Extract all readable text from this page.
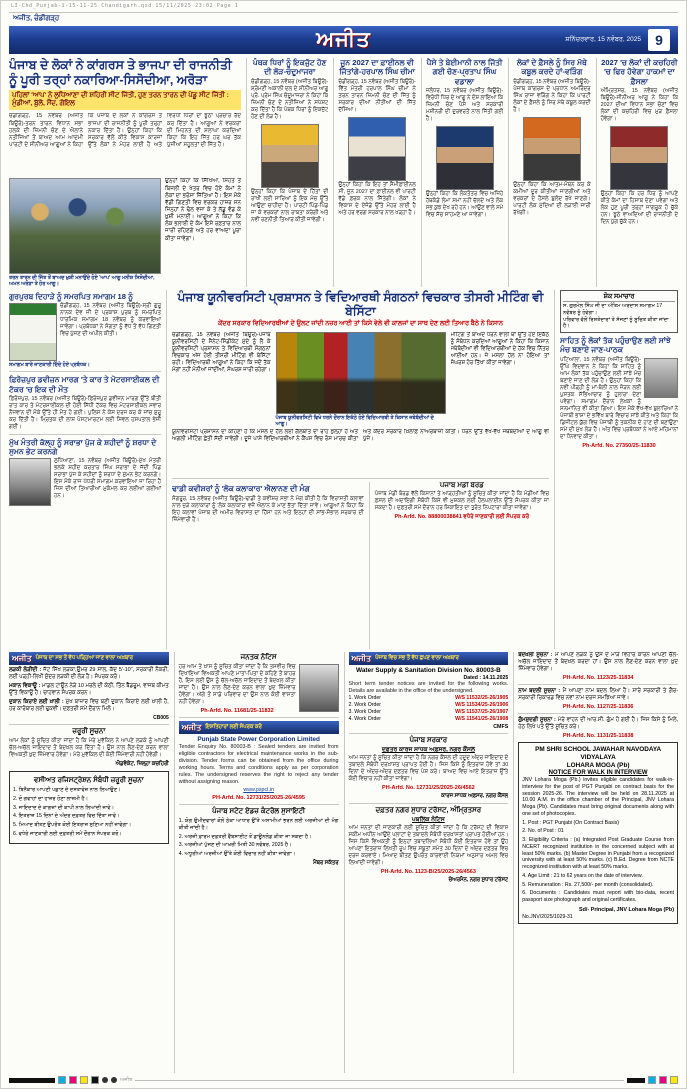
LI-Chd_Punjab-1-15-11-25 Chandigarh.qxd 15/11/2025 23:02 Page 1
ਅਜੀਤ, ਚੰਡੀਗੜ੍ਹ
ਅਜੀਤ	ਸ਼ਨਿੱਚਰਵਾਰ, 15 ਨਵੰਬਰ, 2025 9
ਪੰਜਾਬ ਦੇ ਲੋਕਾਂ ਨੇ ਕਾਂਗਰਸ ਤੇ ਭਾਜਪਾ ਦੀ ਰਾਜਨੀਤੀ ਨੂੰ ਪੂਰੀ ਤਰ੍ਹਾਂ ਨਕਾਰਿਆ-ਸਿਸੋਦੀਆ, ਅਰੋੜਾ
ਪਹਿਲਾਂ 'ਆਪ' ਨੇ ਲੁਧਿਆਣਾ ਦੀ ਸ਼ਹਿਰੀ ਸੀਟ ਜਿੱਤੀ, ਹੁਣ ਤਰਨ ਤਾਰਨ ਦੀ ਪੇਂਡੂ ਸੀਟ ਜਿੱਤੀ : ਮੁੰਡੀਆਂ, ਬੁੱਲੋ, ਸੌਂਦ, ਗੋਇਲ
ਚੰਡੀਗੜ੍ਹ, 15 ਨਵੰਬਰ (ਅਜੀਤ ਬਿਊਰੋ)-ਤਰਨ ਤਾਰਨ ਵਿਧਾਨ ਸਭਾ ਹਲਕੇ ਦੀ ਜ਼ਿਮਨੀ ਚੋਣ ਦੇ ਐਲਾਨੇ ਨਤੀਜਿਆਂ ਤੋਂ ਬਾਅਦ ਆਮ ਆਦਮੀ ਪਾਰਟੀ ਦੇ ਸੀਨੀਅਰ ਆਗੂਆਂ ਨੇ ਕਿਹਾ ਕਿ ਪੰਜਾਬ ਦੇ ਲੋਕਾਂ ਨੇ ਕਾਂਗਰਸ ਤੇ ਭਾਜਪਾ ਦੀ ਰਾਜਨੀਤੀ ਨੂੰ ਪੂਰੀ ਤਰ੍ਹਾਂ ਨਕਾਰ ਦਿੱਤਾ ਹੈ। ਉਨ੍ਹਾਂ ਕਿਹਾ ਕਿ ਸਰਕਾਰ ਵੱਲੋਂ ਕੀਤੇ ਵਿਕਾਸ ਕਾਰਜਾਂ ਉੱਤੇ ਲੋਕਾਂ ਨੇ ਮੋਹਰ ਲਾਈ ਹੈ ਅਤੇ ਵਿਰੋਧੀ ਧਿਰਾਂ ਦਾ ਝੂਠਾ ਪ੍ਰਚਾਰ ਰੱਦ ਕਰ ਦਿੱਤਾ ਹੈ। ਆਗੂਆਂ ਨੇ ਵਰਕਰਾਂ ਦੀ ਮਿਹਨਤ ਦੀ ਸ਼ਲਾਘਾ ਕਰਦਿਆਂ ਕਿਹਾ ਕਿ ਇਹ ਜਿੱਤ ਹਰ ਘਰ ਤੱਕ ਪੁੱਜੀਆਂ ਸਹੂਲਤਾਂ ਦੀ ਜਿੱਤ ਹੈ।
ਤਰਨ ਤਾਰਨ ਦੀ ਜਿੱਤ ਤੋਂ ਬਾਅਦ ਖ਼ੁਸ਼ੀ ਮਨਾਉਂਦੇ ਹੋਏ 'ਆਪ' ਆਗੂ ਮਨੀਸ਼ ਸਿਸੋਦੀਆ, ਅਮਨ ਅਰੋੜਾ ਤੇ ਹੋਰ ਆਗੂ।
ਉਨ੍ਹਾਂ ਕਿਹਾ ਕਿ ਸਿੱਖਿਆ, ਸਿਹਤ ਤੇ ਬਿਜਲੀ ਦੇ ਖੇਤਰ ਵਿਚ ਹੋਏ ਕੰਮਾਂ ਨੇ ਲੋਕਾਂ ਦਾ ਭਰੋਸਾ ਜਿੱਤਿਆ ਹੈ। ਇਸ ਮੌਕੇ ਵੱਡੀ ਗਿਣਤੀ ਵਿਚ ਵਰਕਰ ਹਾਜ਼ਰ ਸਨ ਜਿਨ੍ਹਾਂ ਨੇ ਢੋਲ ਵਜਾ ਕੇ ਤੇ ਲੱਡੂ ਵੰਡ ਕੇ ਖ਼ੁਸ਼ੀ ਮਨਾਈ। ਆਗੂਆਂ ਨੇ ਕਿਹਾ ਕਿ ਲੋਕ ਭਲਾਈ ਦੇ ਕੰਮ ਇਸੇ ਰਫ਼ਤਾਰ ਨਾਲ ਜਾਰੀ ਰਹਿਣਗੇ ਅਤੇ ਹਰ ਵਾਅਦਾ ਪੂਰਾ ਕੀਤਾ ਜਾਵੇਗਾ।
ਪੰਥਕ ਧਿਰਾਂ ਨੂੰ ਇਕਜੁੱਟ ਹੋਣ ਦੀ ਲੋੜ-ਚੰਦੂਮਾਜਰਾ
ਚੰਡੀਗੜ੍ਹ, 15 ਨਵੰਬਰ (ਅਜੀਤ ਬਿਊਰੋ)-ਸ਼੍ਰੋਮਣੀ ਅਕਾਲੀ ਦਲ ਦੇ ਸੀਨੀਅਰ ਆਗੂ ਪ੍ਰੋ. ਪ੍ਰੇਮ ਸਿੰਘ ਚੰਦੂਮਾਜਰਾ ਨੇ ਕਿਹਾ ਕਿ ਜ਼ਿਮਨੀ ਚੋਣ ਦੇ ਨਤੀਜਿਆਂ ਨੇ ਸਪੱਸ਼ਟ ਕਰ ਦਿੱਤਾ ਹੈ ਕਿ ਪੰਥਕ ਧਿਰਾਂ ਨੂੰ ਇਕਜੁੱਟ ਹੋਣ ਦੀ ਲੋੜ ਹੈ।
ਉਨ੍ਹਾਂ ਕਿਹਾ ਕਿ ਪੰਜਾਬ ਦੇ ਹਿੱਤਾਂ ਦੀ ਰਾਖੀ ਲਈ ਸਾਰਿਆਂ ਨੂੰ ਇਕ ਮੰਚ ਉੱਤੇ ਆਉਣਾ ਚਾਹੀਦਾ ਹੈ। ਪਾਰਟੀ ਪਿੰਡ-ਪਿੰਡ ਜਾ ਕੇ ਵਰਕਰਾਂ ਨਾਲ ਰਾਬਤਾ ਕਰੇਗੀ ਅਤੇ ਨਵੀਂ ਰਣਨੀਤੀ ਤਿਆਰ ਕੀਤੀ ਜਾਵੇਗੀ।
ਜੂਨ 2027 ਦਾ ਫ਼ਾਈਨਲ ਵੀ ਜਿੱਤਾਂਗੇ-ਹਰਪਾਲ ਸਿੰਘ ਚੀਮਾ
ਚੰਡੀਗੜ੍ਹ, 15 ਨਵੰਬਰ (ਅਜੀਤ ਬਿਊਰੋ)-ਵਿੱਤ ਮੰਤਰੀ ਹਰਪਾਲ ਸਿੰਘ ਚੀਮਾ ਨੇ ਤਰਨ ਤਾਰਨ ਜ਼ਿਮਨੀ ਚੋਣ ਦੀ ਜਿੱਤ ਨੂੰ ਸਰਕਾਰ ਦੀਆਂ ਨੀਤੀਆਂ ਦੀ ਜਿੱਤ ਦੱਸਿਆ।
ਉਨ੍ਹਾਂ ਕਿਹਾ ਕਿ ਇਹ ਤਾਂ ਸੈਮੀਫ਼ਾਈਨਲ ਸੀ, ਜੂਨ 2027 ਦਾ ਫ਼ਾਈਨਲ ਵੀ ਪਾਰਟੀ ਵੱਡੇ ਫ਼ਰਕ ਨਾਲ ਜਿੱਤੇਗੀ। ਲੋਕਾਂ ਨੇ ਵਿਕਾਸ ਦੇ ਏਜੰਡੇ ਉੱਤੇ ਮੋਹਰ ਲਾਈ ਹੈ ਅਤੇ ਹਰ ਵਰਗ ਸਰਕਾਰ ਨਾਲ ਖੜ੍ਹਾ ਹੈ।
ਪੈਸੇ ਤੇ ਬੇਈਮਾਨੀ ਨਾਲ ਜਿੱਤੀ ਗਈ ਚੋਣ-ਪ੍ਰਤਾਪ ਸਿੰਘ ਵਡਾਲਾ
ਜਲੰਧਰ, 15 ਨਵੰਬਰ (ਅਜੀਤ ਬਿਊਰੋ)-ਵਿਰੋਧੀ ਧਿਰ ਦੇ ਆਗੂ ਨੇ ਦੋਸ਼ ਲਾਇਆ ਕਿ ਜ਼ਿਮਨੀ ਚੋਣ ਪੈਸੇ ਅਤੇ ਸਰਕਾਰੀ ਮਸ਼ੀਨਰੀ ਦੀ ਦੁਰਵਰਤੋਂ ਨਾਲ ਜਿੱਤੀ ਗਈ ਹੈ।
ਉਨ੍ਹਾਂ ਕਿਹਾ ਕਿ ਲੋਕਤੰਤਰ ਵਿਚ ਅਜਿਹੇ ਹੱਥਕੰਡੇ ਲੰਮਾ ਸਮਾਂ ਨਹੀਂ ਚੱਲਦੇ ਅਤੇ ਲੋਕ ਸਭ ਕੁਝ ਦੇਖ ਰਹੇ ਹਨ। ਆਉਣ ਵਾਲੇ ਸਮੇਂ ਵਿਚ ਸੱਚ ਸਾਹਮਣੇ ਆ ਜਾਵੇਗਾ।
ਲੋਕਾਂ ਦੇ ਫ਼ੈਸਲੇ ਨੂੰ ਸਿਰ ਮੱਥੇ ਕਬੂਲ ਕਰਦੇ ਹਾਂ-ਵੜਿੰਗ
ਚੰਡੀਗੜ੍ਹ, 15 ਨਵੰਬਰ (ਅਜੀਤ ਬਿਊਰੋ)-ਪੰਜਾਬ ਕਾਂਗਰਸ ਦੇ ਪ੍ਰਧਾਨ ਅਮਰਿੰਦਰ ਸਿੰਘ ਰਾਜਾ ਵੜਿੰਗ ਨੇ ਕਿਹਾ ਕਿ ਪਾਰਟੀ ਲੋਕਾਂ ਦੇ ਫ਼ੈਸਲੇ ਨੂੰ ਸਿਰ ਮੱਥੇ ਕਬੂਲ ਕਰਦੀ ਹੈ।
ਉਨ੍ਹਾਂ ਕਿਹਾ ਕਿ ਆਤਮ-ਮੰਥਨ ਕਰ ਕੇ ਕਮੀਆਂ ਦੂਰ ਕੀਤੀਆਂ ਜਾਣਗੀਆਂ ਅਤੇ ਵਰਕਰਾਂ ਦੇ ਹੌਸਲੇ ਬੁਲੰਦ ਰੱਖੇ ਜਾਣਗੇ। ਪਾਰਟੀ ਲੋਕ ਮੁੱਦਿਆਂ ਦੀ ਲੜਾਈ ਜਾਰੀ ਰੱਖੇਗੀ।
2027 'ਚ ਲੋਕਾਂ ਦੀ ਕਚਹਿਰੀ 'ਚ ਫਿਰ ਹੋਵੇਗਾ ਹਾਕਮਾਂ ਦਾ ਫ਼ੈਸਲਾ
ਅੰਮ੍ਰਿਤਸਰ, 15 ਨਵੰਬਰ (ਅਜੀਤ ਬਿਊਰੋ)-ਸੀਨੀਅਰ ਆਗੂ ਨੇ ਕਿਹਾ ਕਿ 2027 ਦੀਆਂ ਵਿਧਾਨ ਸਭਾ ਚੋਣਾਂ ਵਿਚ ਲੋਕਾਂ ਦੀ ਕਚਹਿਰੀ ਵਿਚ ਮੁੜ ਫ਼ੈਸਲਾ ਹੋਵੇਗਾ।
ਉਨ੍ਹਾਂ ਕਿਹਾ ਕਿ ਹਰ ਧਿਰ ਨੂੰ ਆਪਣੇ ਕੀਤੇ ਕੰਮਾਂ ਦਾ ਹਿਸਾਬ ਦੇਣਾ ਪਵੇਗਾ ਅਤੇ ਲੋਕ ਹੁਣ ਪੂਰੀ ਤਰ੍ਹਾਂ ਜਾਗਰੂਕ ਹੋ ਚੁੱਕੇ ਹਨ। ਝੂਠੇ ਵਾਅਦਿਆਂ ਦੀ ਰਾਜਨੀਤੀ ਦੇ ਦਿਨ ਪੁੱਗ ਚੁੱਕੇ ਹਨ।
ਗੁਰਪੁਰਬ ਦਿਹਾੜੇ ਨੂੰ ਸਮਰਪਿਤ ਸਮਾਗਮ 18 ਨੂੰ
ਚੰਡੀਗੜ੍ਹ, 15 ਨਵੰਬਰ (ਅਜੀਤ ਬਿਊਰੋ)-ਸ੍ਰੀ ਗੁਰੂ ਨਾਨਕ ਦੇਵ ਜੀ ਦੇ ਪ੍ਰਕਾਸ਼ ਪੁਰਬ ਨੂੰ ਸਮਰਪਿਤ ਧਾਰਮਿਕ ਸਮਾਗਮ 18 ਨਵੰਬਰ ਨੂੰ ਕਰਵਾਇਆ ਜਾਵੇਗਾ। ਪ੍ਰਬੰਧਕਾਂ ਨੇ ਸੰਗਤਾਂ ਨੂੰ ਵੱਧ ਤੋਂ ਵੱਧ ਗਿਣਤੀ ਵਿਚ ਪੁੱਜਣ ਦੀ ਅਪੀਲ ਕੀਤੀ।
ਸਮਾਗਮ ਬਾਰੇ ਜਾਣਕਾਰੀ ਦਿੰਦੇ ਹੋਏ ਪ੍ਰਬੰਧਕ।
ਫ਼ਿਰੋਜ਼ਪੁਰ ਡਵੀਜ਼ਨ ਮਾਰਗ 'ਤੇ ਕਾਰ ਤੇ ਮੋਟਰਸਾਈਕਲ ਦੀ ਟੱਕਰ 'ਚ ਇਕ ਦੀ ਮੌਤ
ਫ਼ਿਰੋਜ਼ਪੁਰ, 15 ਨਵੰਬਰ (ਅਜੀਤ ਬਿਊਰੋ)-ਫ਼ਿਰੋਜ਼ਪੁਰ ਡਵੀਜ਼ਨ ਮਾਰਗ ਉੱਤੇ ਬੀਤੀ ਰਾਤ ਕਾਰ ਤੇ ਮੋਟਰਸਾਈਕਲ ਦੀ ਹੋਈ ਸਿੱਧੀ ਟੱਕਰ ਵਿਚ ਮੋਟਰਸਾਈਕਲ ਸਵਾਰ ਨੌਜਵਾਨ ਦੀ ਮੌਕੇ ਉੱਤੇ ਹੀ ਮੌਤ ਹੋ ਗਈ। ਪੁਲਿਸ ਨੇ ਕੇਸ ਦਰਜ ਕਰ ਕੇ ਜਾਂਚ ਸ਼ੁਰੂ ਕਰ ਦਿੱਤੀ ਹੈ। ਮ੍ਰਿਤਕ ਦੀ ਲਾਸ਼ ਪੋਸਟਮਾਰਟਮ ਲਈ ਸਿਵਲ ਹਸਪਤਾਲ ਭੇਜੀ ਗਈ।
ਮੁੱਖ ਮੰਤਰੀ ਕੱਲ੍ਹ ਨੂੰ ਸਰਾਭਾ ਪੁੱਜ ਕੇ ਸ਼ਹੀਦਾਂ ਨੂੰ ਸ਼ਰਧਾ ਦੇ ਸੁਮਨ ਭੇਟ ਕਰਨਗੇ
ਲੁਧਿਆਣਾ, 15 ਨਵੰਬਰ (ਅਜੀਤ ਬਿਊਰੋ)-ਮੁੱਖ ਮੰਤਰੀ ਭਲਕੇ ਸ਼ਹੀਦ ਕਰਤਾਰ ਸਿੰਘ ਸਰਾਭਾ ਦੇ ਜੱਦੀ ਪਿੰਡ ਸਰਾਭਾ ਪੁੱਜ ਕੇ ਸ਼ਹੀਦਾਂ ਨੂੰ ਸ਼ਰਧਾ ਦੇ ਸੁਮਨ ਭੇਟ ਕਰਨਗੇ। ਇਸ ਮੌਕੇ ਰਾਜ ਪੱਧਰੀ ਸਮਾਗਮ ਕਰਵਾਇਆ ਜਾ ਰਿਹਾ ਹੈ ਜਿਸ ਦੀਆਂ ਤਿਆਰੀਆਂ ਮੁਕੰਮਲ ਕਰ ਲਈਆਂ ਗਈਆਂ ਹਨ।
ਪੰਜਾਬ ਯੂਨੀਵਰਸਿਟੀ ਪ੍ਰਸ਼ਾਸਨ ਤੇ ਵਿਦਿਆਰਥੀ ਸੰਗਠਨਾਂ ਵਿਚਕਾਰ ਤੀਸਰੀ ਮੀਟਿੰਗ ਵੀ ਬੇਸਿੱਟਾ
ਕੇਂਦਰ ਸਰਕਾਰ ਵਿਦਿਆਰਥੀਆਂ ਦੇ ਉਲਟ ਜਾਂਦੀ ਨਜ਼ਰ ਆਈ ਤਾਂ ਕਿਸੇ ਵੇਲੇ ਵੀ ਕਾਲਜਾਂ ਦਾ ਸਾਥ ਦੇਣ ਲਈ ਤਿਆਰ ਬੈਠੇ ਨੇ ਕਿਸਾਨ
ਚੰਡੀਗੜ੍ਹ, 15 ਨਵੰਬਰ (ਅਜੀਤ ਬਿਊਰੋ)-ਪੰਜਾਬ ਯੂਨੀਵਰਸਿਟੀ ਦੇ ਸੈਨੇਟ-ਸਿੰਡੀਕੇਟ ਮੁੱਦੇ ਨੂੰ ਲੈ ਕੇ ਯੂਨੀਵਰਸਿਟੀ ਪ੍ਰਸ਼ਾਸਨ ਤੇ ਵਿਦਿਆਰਥੀ ਸੰਗਠਨਾਂ ਵਿਚਕਾਰ ਅੱਜ ਹੋਈ ਤੀਸਰੀ ਮੀਟਿੰਗ ਵੀ ਬੇਸਿੱਟਾ ਰਹੀ। ਵਿਦਿਆਰਥੀ ਆਗੂਆਂ ਨੇ ਕਿਹਾ ਕਿ ਜਦੋਂ ਤੱਕ ਮੰਗਾਂ ਨਹੀਂ ਮੰਨੀਆਂ ਜਾਂਦੀਆਂ, ਸੰਘਰਸ਼ ਜਾਰੀ ਰਹੇਗਾ।
ਪੰਜਾਬ ਯੂਨੀਵਰਸਿਟੀ ਵਿਖੇ ਧਰਨੇ ਦੌਰਾਨ ਇਕੱਠੇ ਹੋਏ ਵਿਦਿਆਰਥੀ ਤੇ ਕਿਸਾਨ ਜਥੇਬੰਦੀਆਂ ਦੇ ਆਗੂ।
ਮੀਟਿੰਗ ਤੋਂ ਬਾਅਦ ਧਰਨੇ ਵਾਲੀ ਥਾਂ ਉੱਤੇ ਹੋਏ ਇਕੱਠ ਨੂੰ ਸੰਬੋਧਨ ਕਰਦਿਆਂ ਆਗੂਆਂ ਨੇ ਕਿਹਾ ਕਿ ਕਿਸਾਨ ਜਥੇਬੰਦੀਆਂ ਵੀ ਵਿਦਿਆਰਥੀਆਂ ਦੇ ਹੱਕ ਵਿਚ ਨਿੱਤਰ ਆਈਆਂ ਹਨ। ਜੇ ਮਸਲਾ ਹੱਲ ਨਾ ਹੋਇਆ ਤਾਂ ਸੰਘਰਸ਼ ਹੋਰ ਤਿੱਖਾ ਕੀਤਾ ਜਾਵੇਗਾ।
ਯੂਨੀਵਰਸਿਟੀ ਪ੍ਰਸ਼ਾਸਨ ਦਾ ਕਹਿਣਾ ਹੈ ਕਿ ਮਸਲੇ ਦੇ ਹੱਲ ਲਈ ਗੱਲਬਾਤ ਦਾ ਰਾਹ ਖੁੱਲ੍ਹਾ ਹੈ ਅਤੇ ਅਗਲੀ ਮੀਟਿੰਗ ਛੇਤੀ ਸੱਦੀ ਜਾਵੇਗੀ। ਦੂਜੇ ਪਾਸੇ ਵਿਦਿਆਰਥੀਆਂ ਨੇ ਕੈਂਪਸ ਵਿਚ ਰੋਸ ਮਾਰਚ ਕੀਤਾ ਅਤੇ ਕੇਂਦਰ ਸਰਕਾਰ ਖ਼ਿਲਾਫ਼ ਨਾਅਰੇਬਾਜ਼ੀ ਕੀਤੀ। ਧਰਨੇ ਉੱਤੇ ਵੱਖ-ਵੱਖ ਜਥੇਬੰਦੀਆਂ ਦੇ ਆਗੂ ਵੀ ਪੁੱਜੇ।
ਢਾਡੀ ਕਵੀਸ਼ਰਾਂ ਨੂੰ 'ਲੋਕ ਕਲਾਕਾਰ' ਐਲਾਨਣ ਦੀ ਮੰਗ
ਸੰਗਰੂਰ, 15 ਨਵੰਬਰ (ਅਜੀਤ ਬਿਊਰੋ)-ਢਾਡੀ ਤੇ ਕਵੀਸ਼ਰ ਸਭਾ ਨੇ ਮੰਗ ਕੀਤੀ ਹੈ ਕਿ ਵਿਰਾਸਤੀ ਕਲਾਵਾਂ ਨਾਲ ਜੁੜੇ ਕਲਾਕਾਰਾਂ ਨੂੰ 'ਲੋਕ ਕਲਾਕਾਰ' ਵਜੋਂ ਐਲਾਨ ਕੇ ਮਾਣ ਭੱਤਾ ਦਿੱਤਾ ਜਾਵੇ। ਆਗੂਆਂ ਨੇ ਕਿਹਾ ਕਿ ਇਹ ਕਲਾਵਾਂ ਪੰਜਾਬ ਦੀ ਅਮੀਰ ਵਿਰਾਸਤ ਦਾ ਹਿੱਸਾ ਹਨ ਅਤੇ ਇਨ੍ਹਾਂ ਦੀ ਸਾਂਭ-ਸੰਭਾਲ ਸਰਕਾਰ ਦੀ ਜ਼ਿੰਮੇਵਾਰੀ ਹੈ।
ਪੰਜਾਬ ਮੰਡੀ ਬੋਰਡ
ਪੰਜਾਬ ਮੰਡੀ ਬੋਰਡ ਵੱਲੋਂ ਕਿਸਾਨਾਂ ਤੇ ਆੜ੍ਹਤੀਆਂ ਨੂੰ ਸੂਚਿਤ ਕੀਤਾ ਜਾਂਦਾ ਹੈ ਕਿ ਮੰਡੀਆਂ ਵਿਚ ਫ਼ਸਲ ਦੀ ਅਦਾਇਗੀ ਸੰਬੰਧੀ ਕਿਸੇ ਵੀ ਮੁਸ਼ਕਲ ਲਈ ਹੈਲਪਲਾਈਨ ਉੱਤੇ ਸੰਪਰਕ ਕੀਤਾ ਜਾ ਸਕਦਾ ਹੈ। ਦਫ਼ਤਰੀ ਸਮੇਂ ਦੌਰਾਨ ਹਰ ਸ਼ਿਕਾਇਤ ਦਾ ਤੁਰੰਤ ਨਿਪਟਾਰਾ ਕੀਤਾ ਜਾਵੇਗਾ।
Ph-Arfd. No. 88800038841 ਵਧੇਰੇ ਜਾਣਕਾਰੀ ਲਈ ਸੰਪਰਕ ਕਰੋ
ਸ਼ੋਕ ਸਮਾਚਾਰ
ਸ. ਗੁਰਮੇਲ ਸਿੰਘ ਜੀ ਦਾ ਅੰਤਿਮ ਅਰਦਾਸ ਸਮਾਗਮ 17 ਨਵੰਬਰ ਨੂੰ ਹੋਵੇਗਾ।
ਪਰਿਵਾਰ ਵੱਲੋਂ ਰਿਸ਼ਤੇਦਾਰਾਂ ਤੇ ਸੱਜਣਾਂ ਨੂੰ ਸੂਚਿਤ ਕੀਤਾ ਜਾਂਦਾ ਹੈ।
ਸਾਹਿਤ ਨੂੰ ਲੋਕਾਂ ਤੱਕ ਪਹੁੰਚਾਉਣ ਲਈ ਸਾਂਝੇ ਮੰਚ ਬਣਾਏ ਜਾਣ-ਪਾਠਕ
ਪਟਿਆਲਾ, 15 ਨਵੰਬਰ (ਅਜੀਤ ਬਿਊਰੋ)-ਉੱਘੇ ਵਿਦਵਾਨ ਨੇ ਕਿਹਾ ਕਿ ਸਾਹਿਤ ਨੂੰ ਆਮ ਲੋਕਾਂ ਤੱਕ ਪਹੁੰਚਾਉਣ ਲਈ ਸਾਂਝੇ ਮੰਚ ਬਣਾਏ ਜਾਣ ਦੀ ਲੋੜ ਹੈ। ਉਨ੍ਹਾਂ ਕਿਹਾ ਕਿ ਨਵੀਂ ਪੀੜ੍ਹੀ ਨੂੰ ਮਾਂ-ਬੋਲੀ ਨਾਲ ਜੋੜਨ ਲਈ ਪੁਸਤਕ ਸੱਭਿਆਚਾਰ ਨੂੰ ਹੁਲਾਰਾ ਦੇਣਾ ਪਵੇਗਾ। ਸਮਾਗਮ ਦੌਰਾਨ ਲੇਖਕਾਂ ਨੂੰ ਸਨਮਾਨਿਤ ਵੀ ਕੀਤਾ ਗਿਆ। ਇਸ ਮੌਕੇ ਵੱਖ-ਵੱਖ ਬੁਲਾਰਿਆਂ ਨੇ ਪੰਜਾਬੀ ਭਾਸ਼ਾ ਦੇ ਭਵਿੱਖ ਬਾਰੇ ਵਿਚਾਰ ਸਾਂਝੇ ਕੀਤੇ ਅਤੇ ਕਿਹਾ ਕਿ ਡਿਜੀਟਲ ਯੁੱਗ ਵਿਚ ਪੰਜਾਬੀ ਨੂੰ ਤਕਨੀਕ ਦੇ ਹਾਣ ਦੀ ਬਣਾਉਣਾ ਸਮੇਂ ਦੀ ਮੁੱਖ ਲੋੜ ਹੈ। ਅੰਤ ਵਿਚ ਪ੍ਰਬੰਧਕਾਂ ਨੇ ਆਏ ਮਹਿਮਾਨਾਂ ਦਾ ਧੰਨਵਾਦ ਕੀਤਾ।
Ph-Arfd. No. 27350/25-11830
ਅਜੀਤ ਪੰਜਾਬ ਦਾ ਸਭ ਤੋਂ ਵੱਧ ਪੜ੍ਹਿਆ ਜਾਣ ਵਾਲਾ ਅਖ਼ਬਾਰ
ਲੜਕੀ ਲੋੜੀਂਦੀ : ਜੱਟ ਸਿੱਖ ਲੜਕਾ,ਉਮਰ 29 ਸਾਲ, ਕੱਦ 5'-10'', ਸਰਕਾਰੀ ਨੌਕਰੀ, ਲਈ ਪੜ੍ਹੀ-ਲਿਖੀ ਸੁੰਦਰ ਲੜਕੀ ਦੀ ਲੋੜ ਹੈ। ਸੰਪਰਕ ਕਰੋ।
ਮਕਾਨ ਵਿਕਾਊ : ਮਾਡਲ ਟਾਊਨ ਨੇੜੇ 10 ਮਰਲੇ ਦੀ ਕੋਠੀ, ਤਿੰਨ ਬੈੱਡਰੂਮ, ਵਾਜਬ ਕੀਮਤ ਉੱਤੇ ਵਿਕਾਊ ਹੈ। ਚਾਹਵਾਨ ਸੰਪਰਕ ਕਰਨ।
ਦੁਕਾਨ ਕਿਰਾਏ ਲਈ ਖ਼ਾਲੀ : ਮੁੱਖ ਬਾਜ਼ਾਰ ਵਿਚ ਬਣੀ ਦੁਕਾਨ ਕਿਰਾਏ ਲਈ ਖ਼ਾਲੀ ਹੈ, ਹਰ ਕਾਰੋਬਾਰ ਲਈ ਢੁਕਵੀਂ। ਦਫ਼ਤਰੀ ਸਮੇਂ ਦੌਰਾਨ ਮਿਲੋ।
CB005
ਜ਼ਰੂਰੀ ਸੂਚਨਾ
ਆਮ ਲੋਕਾਂ ਨੂੰ ਸੂਚਿਤ ਕੀਤਾ ਜਾਂਦਾ ਹੈ ਕਿ ਮੇਰੇ ਮੁਵੱਕਿਲ ਨੇ ਆਪਣੇ ਲੜਕੇ ਨੂੰ ਆਪਣੀ ਚੱਲ-ਅਚੱਲ ਜਾਇਦਾਦ ਤੋਂ ਬੇਦਖ਼ਲ ਕਰ ਦਿੱਤਾ ਹੈ। ਉਸ ਨਾਲ ਲੈਣ-ਦੇਣ ਕਰਨ ਵਾਲਾ ਵਿਅਕਤੀ ਖ਼ੁਦ ਜ਼ਿੰਮੇਵਾਰ ਹੋਵੇਗਾ। ਮੇਰੇ ਮੁਵੱਕਿਲ ਦੀ ਕੋਈ ਜ਼ਿੰਮੇਵਾਰੀ ਨਹੀਂ ਹੋਵੇਗੀ।
ਐਡਵੋਕੇਟ, ਜ਼ਿਲ੍ਹਾ ਕਚਹਿਰੀ
ਵਸੀਅਤ ਰਜਿਸਟ੍ਰੇਸ਼ਨ ਸੰਬੰਧੀ ਜ਼ਰੂਰੀ ਸੂਚਨਾ
1. ਬਿਨੈਕਾਰ ਆਪਣੀ ਪਛਾਣ ਦੇ ਦਸਤਾਵੇਜ਼ ਨਾਲ ਲਿਆਉਣ।
2. ਦੋ ਗਵਾਹਾਂ ਦਾ ਹਾਜ਼ਰ ਹੋਣਾ ਲਾਜ਼ਮੀ ਹੈ।
3. ਜਾਇਦਾਦ ਦੇ ਕਾਗਜ਼ਾਂ ਦੀ ਕਾਪੀ ਨਾਲ ਲਿਆਂਦੀ ਜਾਵੇ।
4. ਇਤਰਾਜ਼ 15 ਦਿਨਾਂ ਦੇ ਅੰਦਰ ਦਫ਼ਤਰ ਵਿਚ ਦਿੱਤਾ ਜਾਵੇ।
5. ਮਿਆਦ ਬੀਤਣ ਉਪਰੰਤ ਕੋਈ ਇਤਰਾਜ਼ ਸੁਣਿਆ ਨਹੀਂ ਜਾਵੇਗਾ।
6. ਵਧੇਰੇ ਜਾਣਕਾਰੀ ਲਈ ਦਫ਼ਤਰੀ ਸਮੇਂ ਦੌਰਾਨ ਸੰਪਰਕ ਕਰੋ।
ਜਨਤਕ ਨੋਟਿਸ
ਹਰ ਆਮ ਤੇ ਖ਼ਾਸ ਨੂੰ ਸੂਚਿਤ ਕੀਤਾ ਜਾਂਦਾ ਹੈ ਕਿ ਤਸਵੀਰ ਵਿਚ ਦਿਖਾਇਆ ਵਿਅਕਤੀ ਆਪਣੇ ਮਾਤਾ-ਪਿਤਾ ਦੇ ਕਹਿਣੇ ਤੋਂ ਬਾਹਰ ਹੈ, ਇਸ ਲਈ ਉਸ ਨੂੰ ਚੱਲ-ਅਚੱਲ ਜਾਇਦਾਦ ਤੋਂ ਬੇਦਖ਼ਲ ਕੀਤਾ ਜਾਂਦਾ ਹੈ। ਉਸ ਨਾਲ ਲੈਣ-ਦੇਣ ਕਰਨ ਵਾਲਾ ਖ਼ੁਦ ਜ਼ਿੰਮੇਵਾਰ ਹੋਵੇਗਾ। ਅੱਗੇ ਤੋਂ ਸਾਡੇ ਪਰਿਵਾਰ ਦਾ ਉਸ ਨਾਲ ਕੋਈ ਵਾਸਤਾ ਨਹੀਂ ਹੋਵੇਗਾ।
Ph-Arfd. No. 11681/25-11832
ਅਜੀਤ ਇਸ਼ਤਿਹਾਰਾਂ ਲਈ ਸੰਪਰਕ ਕਰੋ
Punjab State Power Corporation Limited
Tender Enquiry No. 80003-B : Sealed tenders are invited from eligible contractors for electrical maintenance works in the sub-division. Tender forms can be obtained from the office during working hours. Terms and conditions apply as per corporation rules. The undersigned reserves the right to reject any tender without assigning reason.
www.pspcl.in
PH-Arfd. No. 12731/25/2025-26/4595
ਪੰਜਾਬ ਸਟੇਟ ਏਡਜ਼ ਕੰਟਰੋਲ ਸੁਸਾਇਟੀ
1. ਯੋਗ ਉਮੀਦਵਾਰਾਂ ਕੋਲੋਂ ਠੇਕਾ ਆਧਾਰ ਉੱਤੇ ਅਸਾਮੀਆਂ ਭਰਨ ਲਈ ਅਰਜ਼ੀਆਂ ਦੀ ਮੰਗ ਕੀਤੀ ਜਾਂਦੀ ਹੈ।
2. ਅਰਜ਼ੀ ਫ਼ਾਰਮ ਦਫ਼ਤਰੀ ਵੈੱਬਸਾਈਟ ਤੋਂ ਡਾਊਨਲੋਡ ਕੀਤਾ ਜਾ ਸਕਦਾ ਹੈ।
3. ਅਰਜ਼ੀਆਂ ਪੁੱਜਣ ਦੀ ਆਖ਼ਰੀ ਮਿਤੀ 30 ਨਵੰਬਰ, 2025 ਹੈ।
4. ਅਧੂਰੀਆਂ ਅਰਜ਼ੀਆਂ ਉੱਤੇ ਕੋਈ ਵਿਚਾਰ ਨਹੀਂ ਕੀਤਾ ਜਾਵੇਗਾ।
ਮੈਂਬਰ ਸਕੱਤਰ
ਅਜੀਤ ਪੰਜਾਬ ਵਿਚ ਸਭ ਤੋਂ ਵੱਧ ਛਪਣ ਵਾਲਾ ਅਖ਼ਬਾਰ
Water Supply & Sanitation Division No. 80003-B
Dated : 14.11.2025
Short term tender notices are invited for the following works. Details are available in the office of the undersigned.
1. Work Order	W/S 11532/25-26/1905
2. Work Order	W/S 11534/25-26/1906
3. Work Order	W/S 11537/25-26/1907
4. Work Order	W/S 11541/25-26/1908
CMFS
ਪੰਜਾਬ ਸਰਕਾਰ
ਦਫ਼ਤਰ ਕਾਰਜ ਸਾਧਕ ਅਫ਼ਸਰ, ਨਗਰ ਕੌਂਸਲ
ਆਮ ਜਨਤਾ ਨੂੰ ਸੂਚਿਤ ਕੀਤਾ ਜਾਂਦਾ ਹੈ ਕਿ ਨਗਰ ਕੌਂਸਲ ਦੀ ਹਦੂਦ ਅੰਦਰ ਜਾਇਦਾਦ ਦੇ ਤਬਾਦਲੇ ਸੰਬੰਧੀ ਦਰਖ਼ਾਸਤ ਪ੍ਰਾਪਤ ਹੋਈ ਹੈ। ਜਿਸ ਕਿਸੇ ਨੂੰ ਇਤਰਾਜ਼ ਹੋਵੇ ਤਾਂ 30 ਦਿਨਾਂ ਦੇ ਅੰਦਰ-ਅੰਦਰ ਦਫ਼ਤਰ ਵਿਚ ਪੇਸ਼ ਕਰੇ। ਬਾਅਦ ਵਿਚ ਆਏ ਇਤਰਾਜ਼ ਉੱਤੇ ਕੋਈ ਵਿਚਾਰ ਨਹੀਂ ਕੀਤਾ ਜਾਵੇਗਾ।
PH-Arfd. No. 12731/25/2025-26/4562
ਕਾਰਜ ਸਾਧਕ ਅਫ਼ਸਰ, ਨਗਰ ਕੌਂਸਲ
ਦਫ਼ਤਰ ਨਗਰ ਸੁਧਾਰ ਟਰੱਸਟ, ਅੰਮ੍ਰਿਤਸਰ
ਪਬਲਿਕ ਨੋਟਿਸ
ਆਮ ਜਨਤਾ ਦੀ ਜਾਣਕਾਰੀ ਲਈ ਸੂਚਿਤ ਕੀਤਾ ਜਾਂਦਾ ਹੈ ਕਿ ਟਰੱਸਟ ਦੀ ਵਿਕਾਸ ਸਕੀਮ ਅਧੀਨ ਆਉਂਦੇ ਪਲਾਟਾਂ ਦੇ ਤਬਾਦਲੇ ਸੰਬੰਧੀ ਦਰਖ਼ਾਸਤਾਂ ਪ੍ਰਾਪਤ ਹੋਈਆਂ ਹਨ। ਜਿਸ ਕਿਸੇ ਵਿਅਕਤੀ ਨੂੰ ਇਨ੍ਹਾਂ ਤਬਾਦਲਿਆਂ ਸੰਬੰਧੀ ਕੋਈ ਇਤਰਾਜ਼ ਹੋਵੇ ਤਾਂ ਉਹ ਆਪਣਾ ਇਤਰਾਜ਼ ਲਿਖਤੀ ਰੂਪ ਵਿਚ ਸਬੂਤਾਂ ਸਮੇਤ 30 ਦਿਨਾਂ ਦੇ ਅੰਦਰ ਦਫ਼ਤਰ ਵਿਚ ਦਰਜ ਕਰਵਾਏ। ਮਿਆਦ ਬੀਤਣ ਉਪਰੰਤ ਕਾਰਵਾਈ ਨਿਯਮਾਂ ਅਨੁਸਾਰ ਅਮਲ ਵਿਚ ਲਿਆਂਦੀ ਜਾਵੇਗੀ।
PH-Arfd. No. 1123-B/25/2025-26/4563
ਚੇਅਰਮੈਨ, ਨਗਰ ਸੁਧਾਰ ਟਰੱਸਟ
ਬੇਦਖ਼ਲੀ ਸੂਚਨਾ : ਮੈਂ ਆਪਣੇ ਲੜਕੇ ਨੂੰ ਉਸ ਦੇ ਮਾੜੇ ਵਿਹਾਰ ਕਾਰਨ ਆਪਣੀ ਚੱਲ-ਅਚੱਲ ਜਾਇਦਾਦ ਤੋਂ ਬੇਦਖ਼ਲ ਕਰਦਾ ਹਾਂ। ਉਸ ਨਾਲ ਲੈਣ-ਦੇਣ ਕਰਨ ਵਾਲਾ ਖ਼ੁਦ ਜ਼ਿੰਮੇਵਾਰ ਹੋਵੇਗਾ।
PH-Arfd. No. 1123/25-11834
ਨਾਮ ਬਦਲੀ ਸੂਚਨਾ : ਮੈਂ ਆਪਣਾ ਨਾਮ ਬਦਲ ਲਿਆ ਹੈ। ਸਾਰੇ ਸਰਕਾਰੀ ਤੇ ਗ਼ੈਰ-ਸਰਕਾਰੀ ਰਿਕਾਰਡ ਵਿਚ ਨਵਾਂ ਨਾਮ ਦਰਜ ਸਮਝਿਆ ਜਾਵੇ।
PH-Arfd. No. 1127/25-11836
ਗੁੰਮਸ਼ੁਦਗੀ ਸੂਚਨਾ : ਮੇਰੇ ਵਾਹਨ ਦੀ ਆਰ.ਸੀ. ਗੁੰਮ ਹੋ ਗਈ ਹੈ। ਜਿਸ ਕਿਸੇ ਨੂੰ ਮਿਲੇ, ਹੇਠ ਲਿਖੇ ਪਤੇ ਉੱਤੇ ਸੂਚਿਤ ਕਰੇ।
PH-Arfd. No. 1131/25-11838
PM SHRI SCHOOL JAWAHAR NAVODAYA VIDYALAYA
LOHARA MOGA (Pb)
NOTICE FOR WALK IN INTERVIEW
JNV Lohara Moga (Pb.) invites eligible candidates for walk-in-interview for the post of PGT Punjabi on contract basis for the session 2025-26. The interview will be held on 28.11.2025 at 10.00 A.M. in the office chamber of the Principal, JNV Lohara Moga (Pb). Candidates must bring original documents along with one set of photocopies.
1. Post : PGT Punjabi (On Contract Basis)
2. No. of Post : 01
3. Eligibility Criteria : (a) Integrated Post Graduate Course from NCERT recognized institution in the concerned subject with at least 50% marks. (b) Master Degree in Punjabi from a recognized university with at least 50% marks. (c) B.Ed. Degree from NCTE recognized institution with at least 50% marks.
4. Age Limit : 21 to 62 years on the date of interview.
5. Remuneration : Rs. 27,500/- per month (consolidated).
6. Documents : Candidates must report with bio-data, recent passport size photograph and original certificates.
Sd/- Principal, JNV Lohara Moga (Pb)
No.JNV/2025/1029-31
ਅਜੀਤ
